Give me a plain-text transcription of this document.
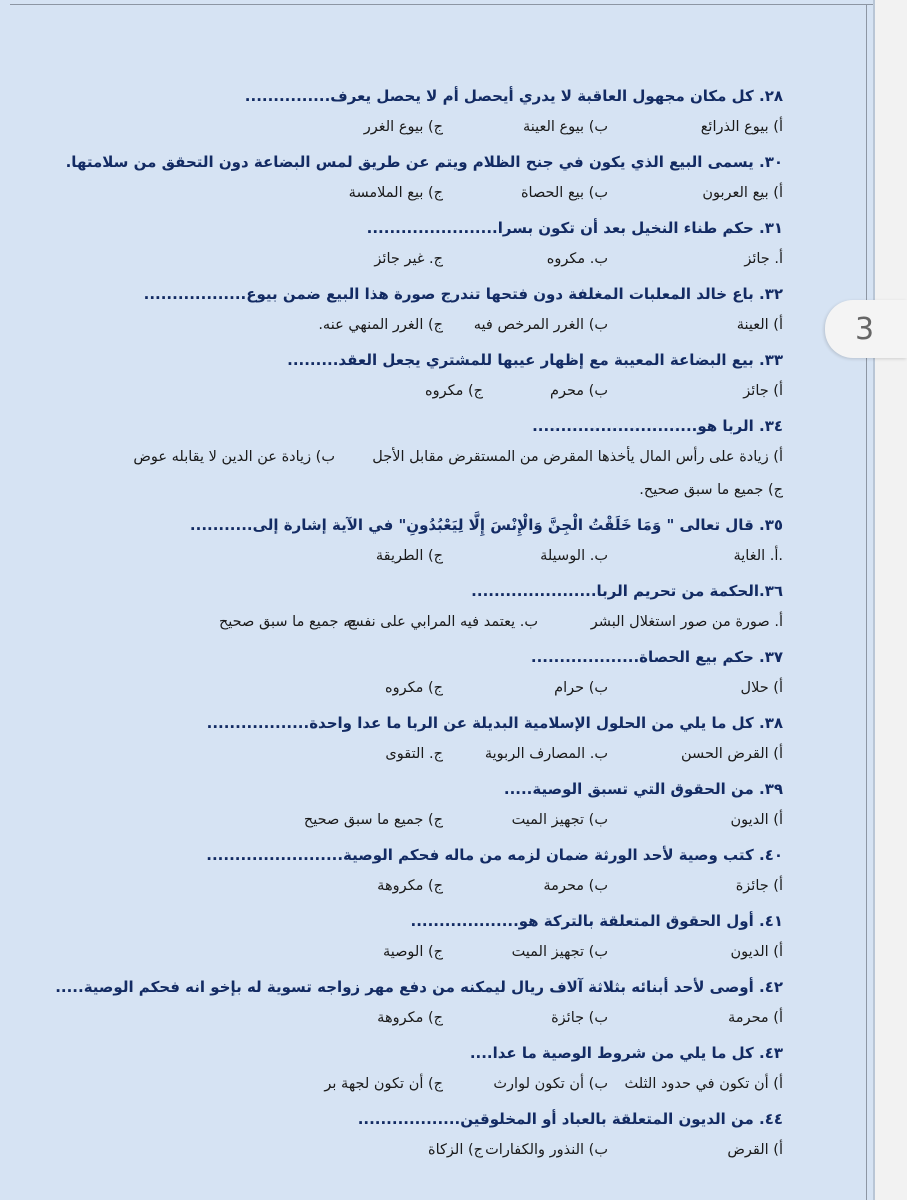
٢٨. كل مكان مجهول العاقبة لا يدري أيحصل أم لا يحصل يعرف...............
أ) بيوع الذرائع
ب) بيوع العينة
ج) بيوع الغرر
٣٠. يسمى البيع الذي يكون في جنح الظلام ويتم عن طريق لمس البضاعة دون التحقق من سلامتها.
أ) بيع العربون
ب) بيع الحصاة
ج) بيع الملامسة
٣١. حكم طناء النخيل بعد أن تكون بسرا.......................
أ. جائز
ب. مكروه
ج. غير جائز
٣٢. باع خالد المعلبات المغلفة دون فتحها تندرج صورة هذا البيع ضمن بيوع..................
أ) العينة
ب) الغرر المرخص فيه
ج) الغرر المنهي عنه.
٣٣. بيع البضاعة المعيبة مع إظهار عيبها للمشتري يجعل العقد.........
أ) جائز
ب) محرم
ج) مكروه
٣٤. الربا هو.............................
أ) زيادة على رأس المال يأخذها المقرض من المستقرض مقابل الأجل
ب) زيادة عن الدين لا يقابله عوض
ج) جميع ما سبق صحيح.
٣٥. قال تعالى " وَمَا خَلَقْتُ الْجِنَّ وَالْإِنْسَ إِلَّا لِيَعْبُدُونِ" في الآية إشارة إلى...........
.أ. الغاية
ب. الوسيلة
ج) الطريقة
٣٦.الحكمة من تحريم الربا......................
أ. صورة من صور استغلال البشر
ب. يعتمد فيه المرابي على نفسه
ج. جميع ما سبق صحيح
٣٧. حكم بيع الحصاة...................
أ) حلال
ب) حرام
ج) مكروه
٣٨. كل ما يلي من الحلول الإسلامية البديلة عن الربا ما عدا واحدة..................
أ) القرض الحسن
ب. المصارف الربوية
ج. التقوى
٣٩. من الحقوق التي تسبق الوصية.....
أ) الديون
ب) تجهيز الميت
ج) جميع ما سبق صحيح
٤٠. كتب وصية لأحد الورثة ضمان لزمه من ماله فحكم الوصية........................
أ) جائزة
ب) محرمة
ج) مكروهة
٤١. أول الحقوق المتعلقة بالتركة هو...................
أ) الديون
ب) تجهيز الميت
ج) الوصية
٤٢. أوصى لأحد أبنائه بثلاثة آلاف ريال ليمكنه من دفع مهر زواجه تسوية له بإخو انه فحكم الوصية.....
أ) محرمة
ب) جائزة
ج) مكروهة
٤٣. كل ما يلي من شروط الوصية ما عدا....
أ) أن تكون في حدود الثلث
ب) أن تكون لوارث
ج) أن تكون لجهة بر
٤٤. من الديون المتعلقة بالعباد أو المخلوقين..................
أ) القرض
ب) النذور والكفارات
ج) الزكاة
3
